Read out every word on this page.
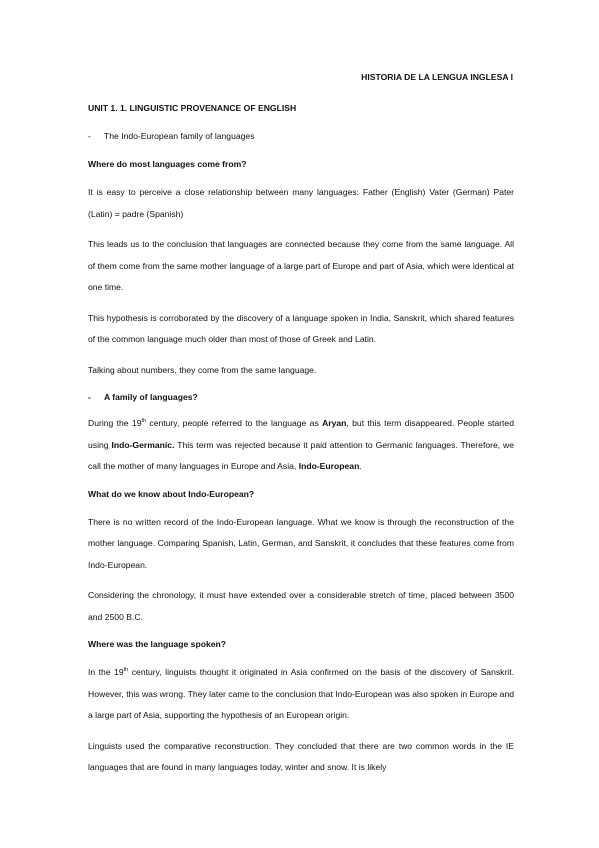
HISTORIA DE LA LENGUA INGLESA I
UNIT 1. 1. LINGUISTIC PROVENANCE OF ENGLISH
- The Indo-European family of languages
Where do most languages come from?

It is easy to perceive a close relationship between many languages: Father (English) Vater (German) Pater (Latin) = padre (Spanish)

This leads us to the conclusion that languages are connected because they come from the same language. All of them come from the same mother language of a large part of Europe and part of Asia, which were identical at one time.

This hypothesis is corroborated by the discovery of a language spoken in India, Sanskrit, which shared features of the common language much older than most of those of Greek and Latin.

Talking about numbers, they come from the same language.

- A family of languages?

During the 19th century, people referred to the language as Aryan, but this term disappeared. People started using Indo-Germanic. This term was rejected because it paid attention to Germanic languages. Therefore, we call the mother of many languages in Europe and Asia, Indo-European.

What do we know about Indo-European?

There is no written record of the Indo-European language. What we know is through the reconstruction of the mother language. Comparing Spanish, Latin, German, and Sanskrit, it concludes that these features come from Indo-European.

Considering the chronology, it must have extended over a considerable stretch of time, placed between 3500 and 2500 B.C.

Where was the language spoken?

In the 19th century, linguists thought it originated in Asia confirmed on the basis of the discovery of Sanskrit. However, this was wrong. They later came to the conclusion that Indo-European was also spoken in Europe and a large part of Asia, supporting the hypothesis of an European origin.

Linguists used the comparative reconstruction. They concluded that there are two common words in the IE languages that are found in many languages today, winter and snow. It is likely
